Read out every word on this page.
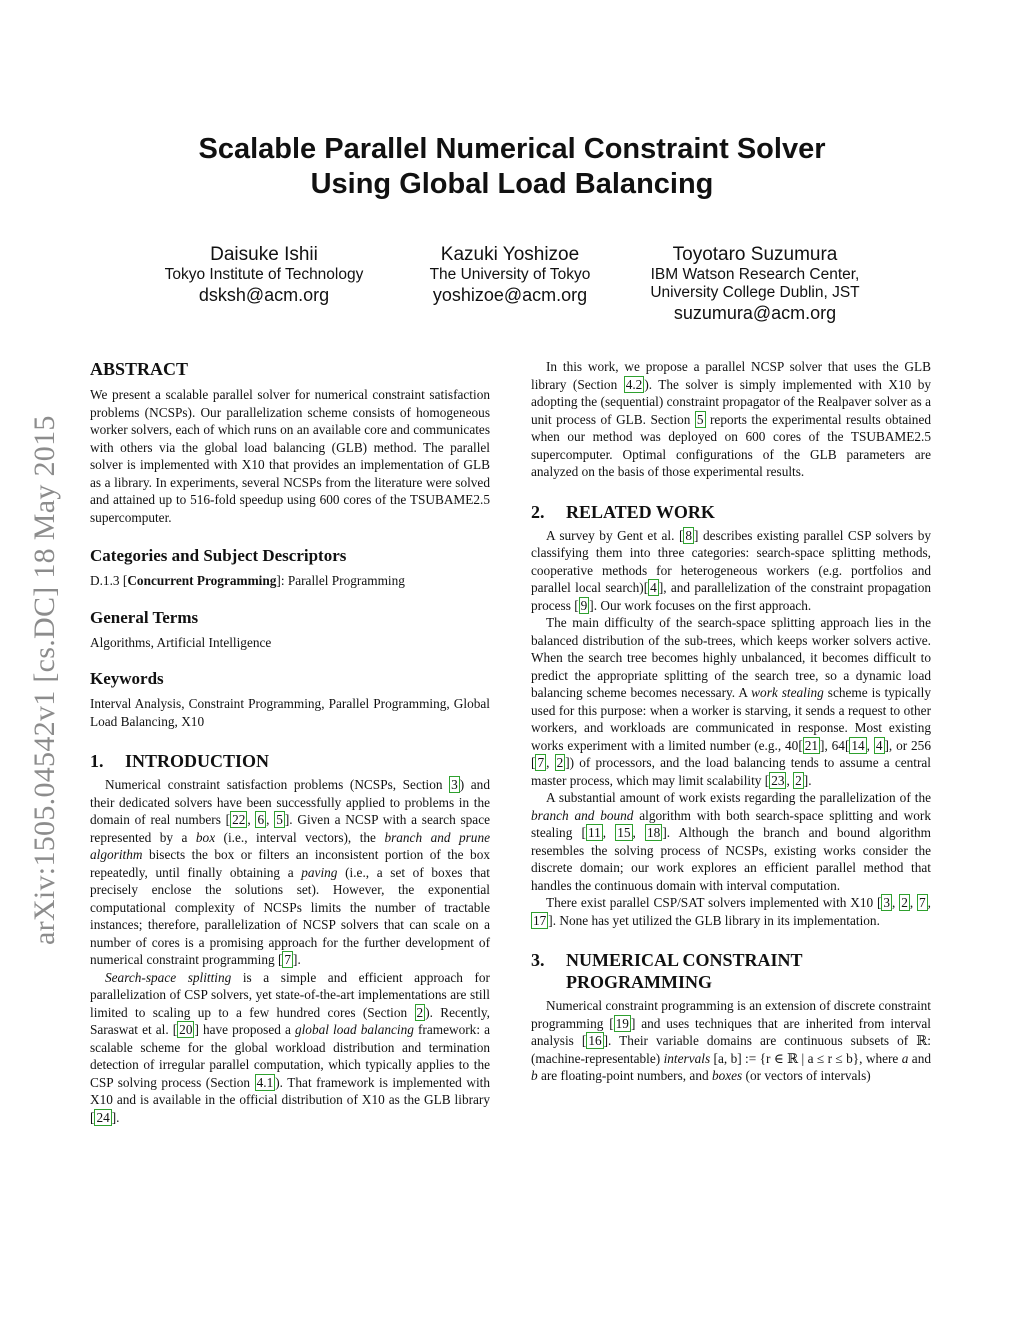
arXiv:1505.04542v1 [cs.DC] 18 May 2015
Scalable Parallel Numerical Constraint Solver
Using Global Load Balancing
Daisuke Ishii
Tokyo Institute of Technology
dsksh@acm.org
Kazuki Yoshizoe
The University of Tokyo
yoshizoe@acm.org
Toyotaro Suzumura
IBM Watson Research Center,
University College Dublin, JST
suzumura@acm.org
ABSTRACT

We present a scalable parallel solver for numerical constraint satisfaction problems (NCSPs). Our parallelization scheme consists of homogeneous worker solvers, each of which runs on an available core and communicates with others via the global load balancing (GLB) method. The parallel solver is implemented with X10 that provides an implementation of GLB as a library. In experiments, several NCSPs from the literature were solved and attained up to 516-fold speedup using 600 cores of the TSUBAME2.5 supercomputer.

Categories and Subject Descriptors

D.1.3 [Concurrent Programming]: Parallel Programming

General Terms

Algorithms, Artificial Intelligence

Keywords

Interval Analysis, Constraint Programming, Parallel Programming, Global Load Balancing, X10

1.	INTRODUCTION

Numerical constraint satisfaction problems (NCSPs, Section 3 ) and their dedicated solvers have been successfully applied to problems in the domain of real numbers [ 22 , 6 , 5 ]. Given a NCSP with a search space represented by a box (i.e., interval vectors), the branch and prune algorithm bisects the box or filters an inconsistent portion of the box repeatedly, until finally obtaining a paving (i.e., a set of boxes that precisely enclose the solutions set). However, the exponential computational complexity of NCSPs limits the number of tractable instances; therefore, parallelization of NCSP solvers that can scale on a number of cores is a promising approach for the further development of numerical constraint programming [ 7 ].

Search-space splitting is a simple and efficient approach for parallelization of CSP solvers, yet state-of-the-art implementations are still limited to scaling up to a few hundred cores (Section 2 ). Recently, Saraswat et al. [ 20 ] have proposed a global load balancing framework: a scalable scheme for the global workload distribution and termination detection of irregular parallel computation, which typically applies to the CSP solving process (Section 4.1 ). That framework is implemented with X10 and is available in the official distribution of X10 as the GLB library [ 24 ].

In this work, we propose a parallel NCSP solver that uses the GLB library (Section 4.2 ). The solver is simply implemented with X10 by adopting the (sequential) constraint propagator of the Realpaver solver as a unit process of GLB. Section 5 reports the experimental results obtained when our method was deployed on 600 cores of the TSUBAME2.5 supercomputer. Optimal configurations of the GLB parameters are analyzed on the basis of those experimental results.

2.	RELATED WORK

A survey by Gent et al. [ 8 ] describes existing parallel CSP solvers by classifying them into three categories: search-space splitting methods, cooperative methods for heterogeneous workers (e.g. portfolios and parallel local search)[ 4 ], and parallelization of the constraint propagation process [ 9 ]. Our work focuses on the first approach.

The main difficulty of the search-space splitting approach lies in the balanced distribution of the sub-trees, which keeps worker solvers active. When the search tree becomes highly unbalanced, it becomes difficult to predict the appropriate splitting of the search tree, so a dynamic load balancing scheme becomes necessary. A work stealing scheme is typically used for this purpose: when a worker is starving, it sends a request to other workers, and workloads are communicated in response. Most existing works experiment with a limited number (e.g., 40[ 21 ], 64[ 14 , 4 ], or 256 [ 7 , 2 ]) of processors, and the load balancing tends to assume a central master process, which may limit scalability [ 23 , 2 ].

A substantial amount of work exists regarding the parallelization of the branch and bound algorithm with both search-space splitting and work stealing [ 11 , 15 , 18 ]. Although the branch and bound algorithm resembles the solving process of NCSPs, existing works consider the discrete domain; our work explores an efficient parallel method that handles the continuous domain with interval computation.

There exist parallel CSP/SAT solvers implemented with X10 [ 3 , 2 , 7 , 17 ]. None has yet utilized the GLB library in its implementation.

3.	NUMERICAL CONSTRAINT
PROGRAMMING

Numerical constraint programming is an extension of discrete constraint programming [ 19 ] and uses techniques that are inherited from interval analysis [ 16 ]. Their variable domains are continuous subsets of ℝ: (machine-representable) intervals [a, b] := {r ∈ ℝ | a ≤ r ≤ b}, where a and b are floating-point numbers, and boxes (or vectors of intervals)
